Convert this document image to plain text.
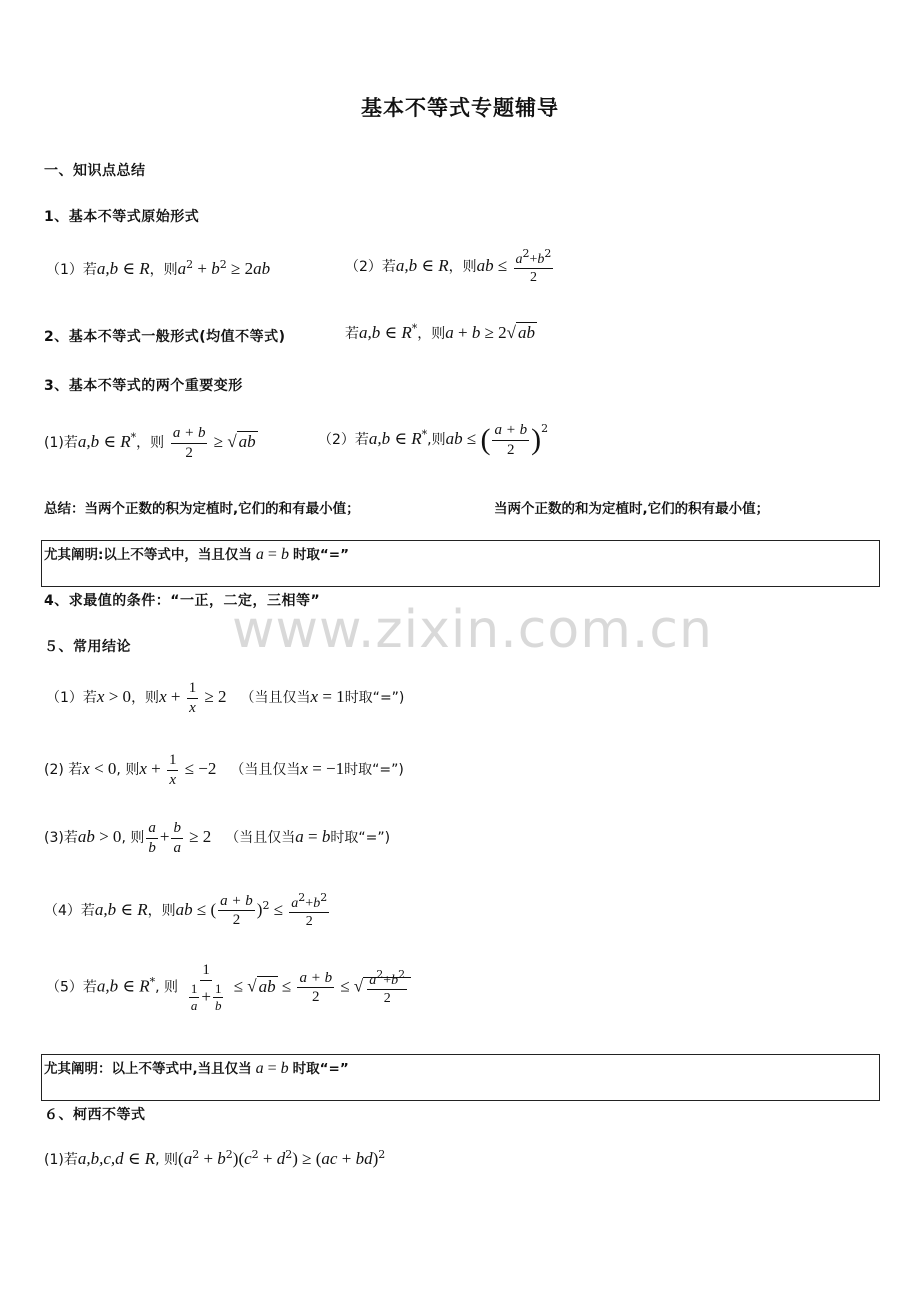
基本不等式专题辅导
www.zixin.com.cn
一、知识点总结
1、基本不等式原始形式
（1）若a,b ∈ R，则$a^2 + b^2 \ge 2ab$	（2）若a,b ∈ R，则ab ≤ $\frac{a^2+b^2}{2}$
2、基本不等式一般形式(均值不等式)	若a,b ∈ R*，则a + b ≥ 2√ ab
3、基本不等式的两个重要变形
(1)若a,b ∈ R*，则 $\frac{a + b}{2}$ ≥ √ ab	（2）若a,b ∈ R*,则ab ≤ ( $\frac{a + b}{2} )^2$
总结：当两个正数的积为定植时,它们的和有最小值；	当两个正数的和为定植时,它们的积有最小值；
尤其阐明:以上不等式中，当且仅当 a = b 时取“=”
4、求最值的条件：“一正，二定，三相等”
５、常用结论
（1）若x > 0，则$x + \frac{1}{x} \ge 2$ （当且仅当x = 1时取“=”)
(2) 若x < 0, 则$x + \frac{1}{x} \le -2$ （当且仅当x = −1时取“=”)
(3)若ab > 0, 则 $\frac{a}{b} + \frac{b}{a} \ge 2$ （当且仅当a = b时取“=”)
（4）若a,b ∈ R，则ab ≤ ( $\frac{a + b}{2} )^2 \le \frac{a^2+b^2}{2}$
（5）若a,b ∈ R*, 则 $\frac{1}{\frac{1}{a} + \frac{1}{b}}$ ≤ √ ab ≤ $\frac{a + b}{2}$ ≤ √ $\frac{a^2+b^2}{2}$
尤其阐明：以上不等式中,当且仅当 a = b 时取“=”
６、柯西不等式
(1)若a,b,c,d ∈ R, 则$(a^2 + b^2)(c^2 + d^2) \ge (ac + bd)^2$
